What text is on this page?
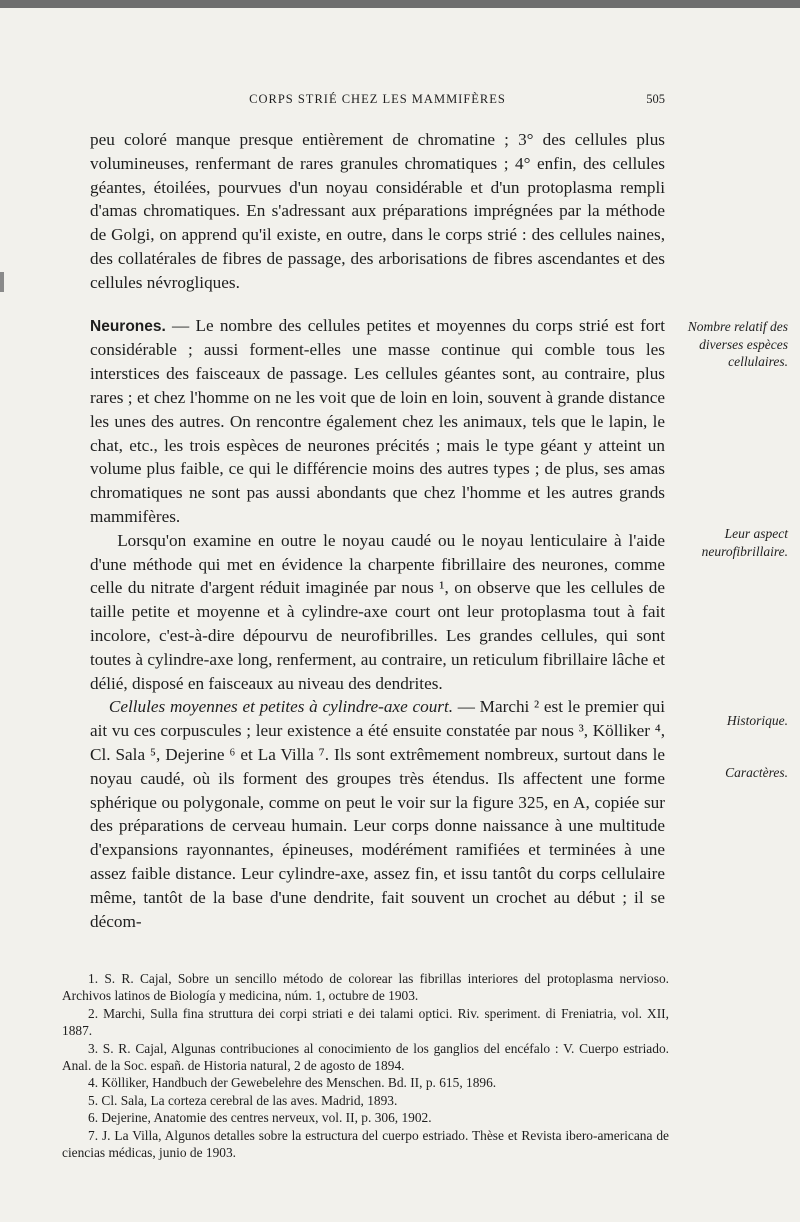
CORPS STRIÉ CHEZ LES MAMMIFÈRES	505

peu coloré manque presque entièrement de chromatine ; 3° des cellules plus volumineuses, renfermant de rares granules chromatiques ; 4° enfin, des cellules géantes, étoilées, pourvues d'un noyau considérable et d'un protoplasma rempli d'amas chromatiques. En s'adressant aux préparations imprégnées par la méthode de Golgi, on apprend qu'il existe, en outre, dans le corps strié : des cellules naines, des collatérales de fibres de passage, des arborisations de fibres ascendantes et des cellules névrogliques.

Neurones. — Le nombre des cellules petites et moyennes du corps strié est fort considérable ; aussi forment-elles une masse continue qui comble tous les interstices des faisceaux de passage. Les cellules géantes sont, au contraire, plus rares ; et chez l'homme on ne les voit que de loin en loin, souvent à grande distance les unes des autres. On rencontre également chez les animaux, tels que le lapin, le chat, etc., les trois espèces de neurones précités ; mais le type géant y atteint un volume plus faible, ce qui le différencie moins des autres types ; de plus, ses amas chromatiques ne sont pas aussi abondants que chez l'homme et les autres grands mammifères.

Lorsqu'on examine en outre le noyau caudé ou le noyau lenticulaire à l'aide d'une méthode qui met en évidence la charpente fibrillaire des neurones, comme celle du nitrate d'argent réduit imaginée par nous ¹, on observe que les cellules de taille petite et moyenne et à cylindre-axe court ont leur protoplasma tout à fait incolore, c'est-à-dire dépourvu de neurofibrilles. Les grandes cellules, qui sont toutes à cylindre-axe long, renferment, au contraire, un reticulum fibrillaire lâche et délié, disposé en faisceaux au niveau des dendrites.

Cellules moyennes et petites à cylindre-axe court. — Marchi ² est le premier qui ait vu ces corpuscules ; leur existence a été ensuite constatée par nous ³, Kölliker ⁴, Cl. Sala ⁵, Dejerine ⁶ et La Villa ⁷. Ils sont extrêmement nombreux, surtout dans le noyau caudé, où ils forment des groupes très étendus. Ils affectent une forme sphérique ou polygonale, comme on peut le voir sur la figure 325, en A, copiée sur des préparations de cerveau humain. Leur corps donne naissance à une multitude d'expansions rayonnantes, épineuses, modérément ramifiées et terminées à une assez faible distance. Leur cylindre-axe, assez fin, et issu tantôt du corps cellulaire même, tantôt de la base d'une dendrite, fait souvent un crochet au début ; il se décom-

Nombre relatif des diverses espèces cellulaires.
Leur aspect neurofibrillaire.
Historique.
Caractères.

1. S. R. Cajal, Sobre un sencillo método de colorear las fibrillas interiores del protoplasma nervioso. Archivos latinos de Biología y medicina, núm. 1, octubre de 1903.

2. Marchi, Sulla fina struttura dei corpi striati e dei talami optici. Riv. speriment. di Freniatria, vol. XII, 1887.

3. S. R. Cajal, Algunas contribuciones al conocimiento de los ganglios del encéfalo : V. Cuerpo estriado. Anal. de la Soc. españ. de Historia natural, 2 de agosto de 1894.

4. Kölliker, Handbuch der Gewebelehre des Menschen. Bd. II, p. 615, 1896.

5. Cl. Sala, La corteza cerebral de las aves. Madrid, 1893.

6. Dejerine, Anatomie des centres nerveux, vol. II, p. 306, 1902.

7. J. La Villa, Algunos detalles sobre la estructura del cuerpo estriado. Thèse et Revista ibero-americana de ciencias médicas, junio de 1903.
